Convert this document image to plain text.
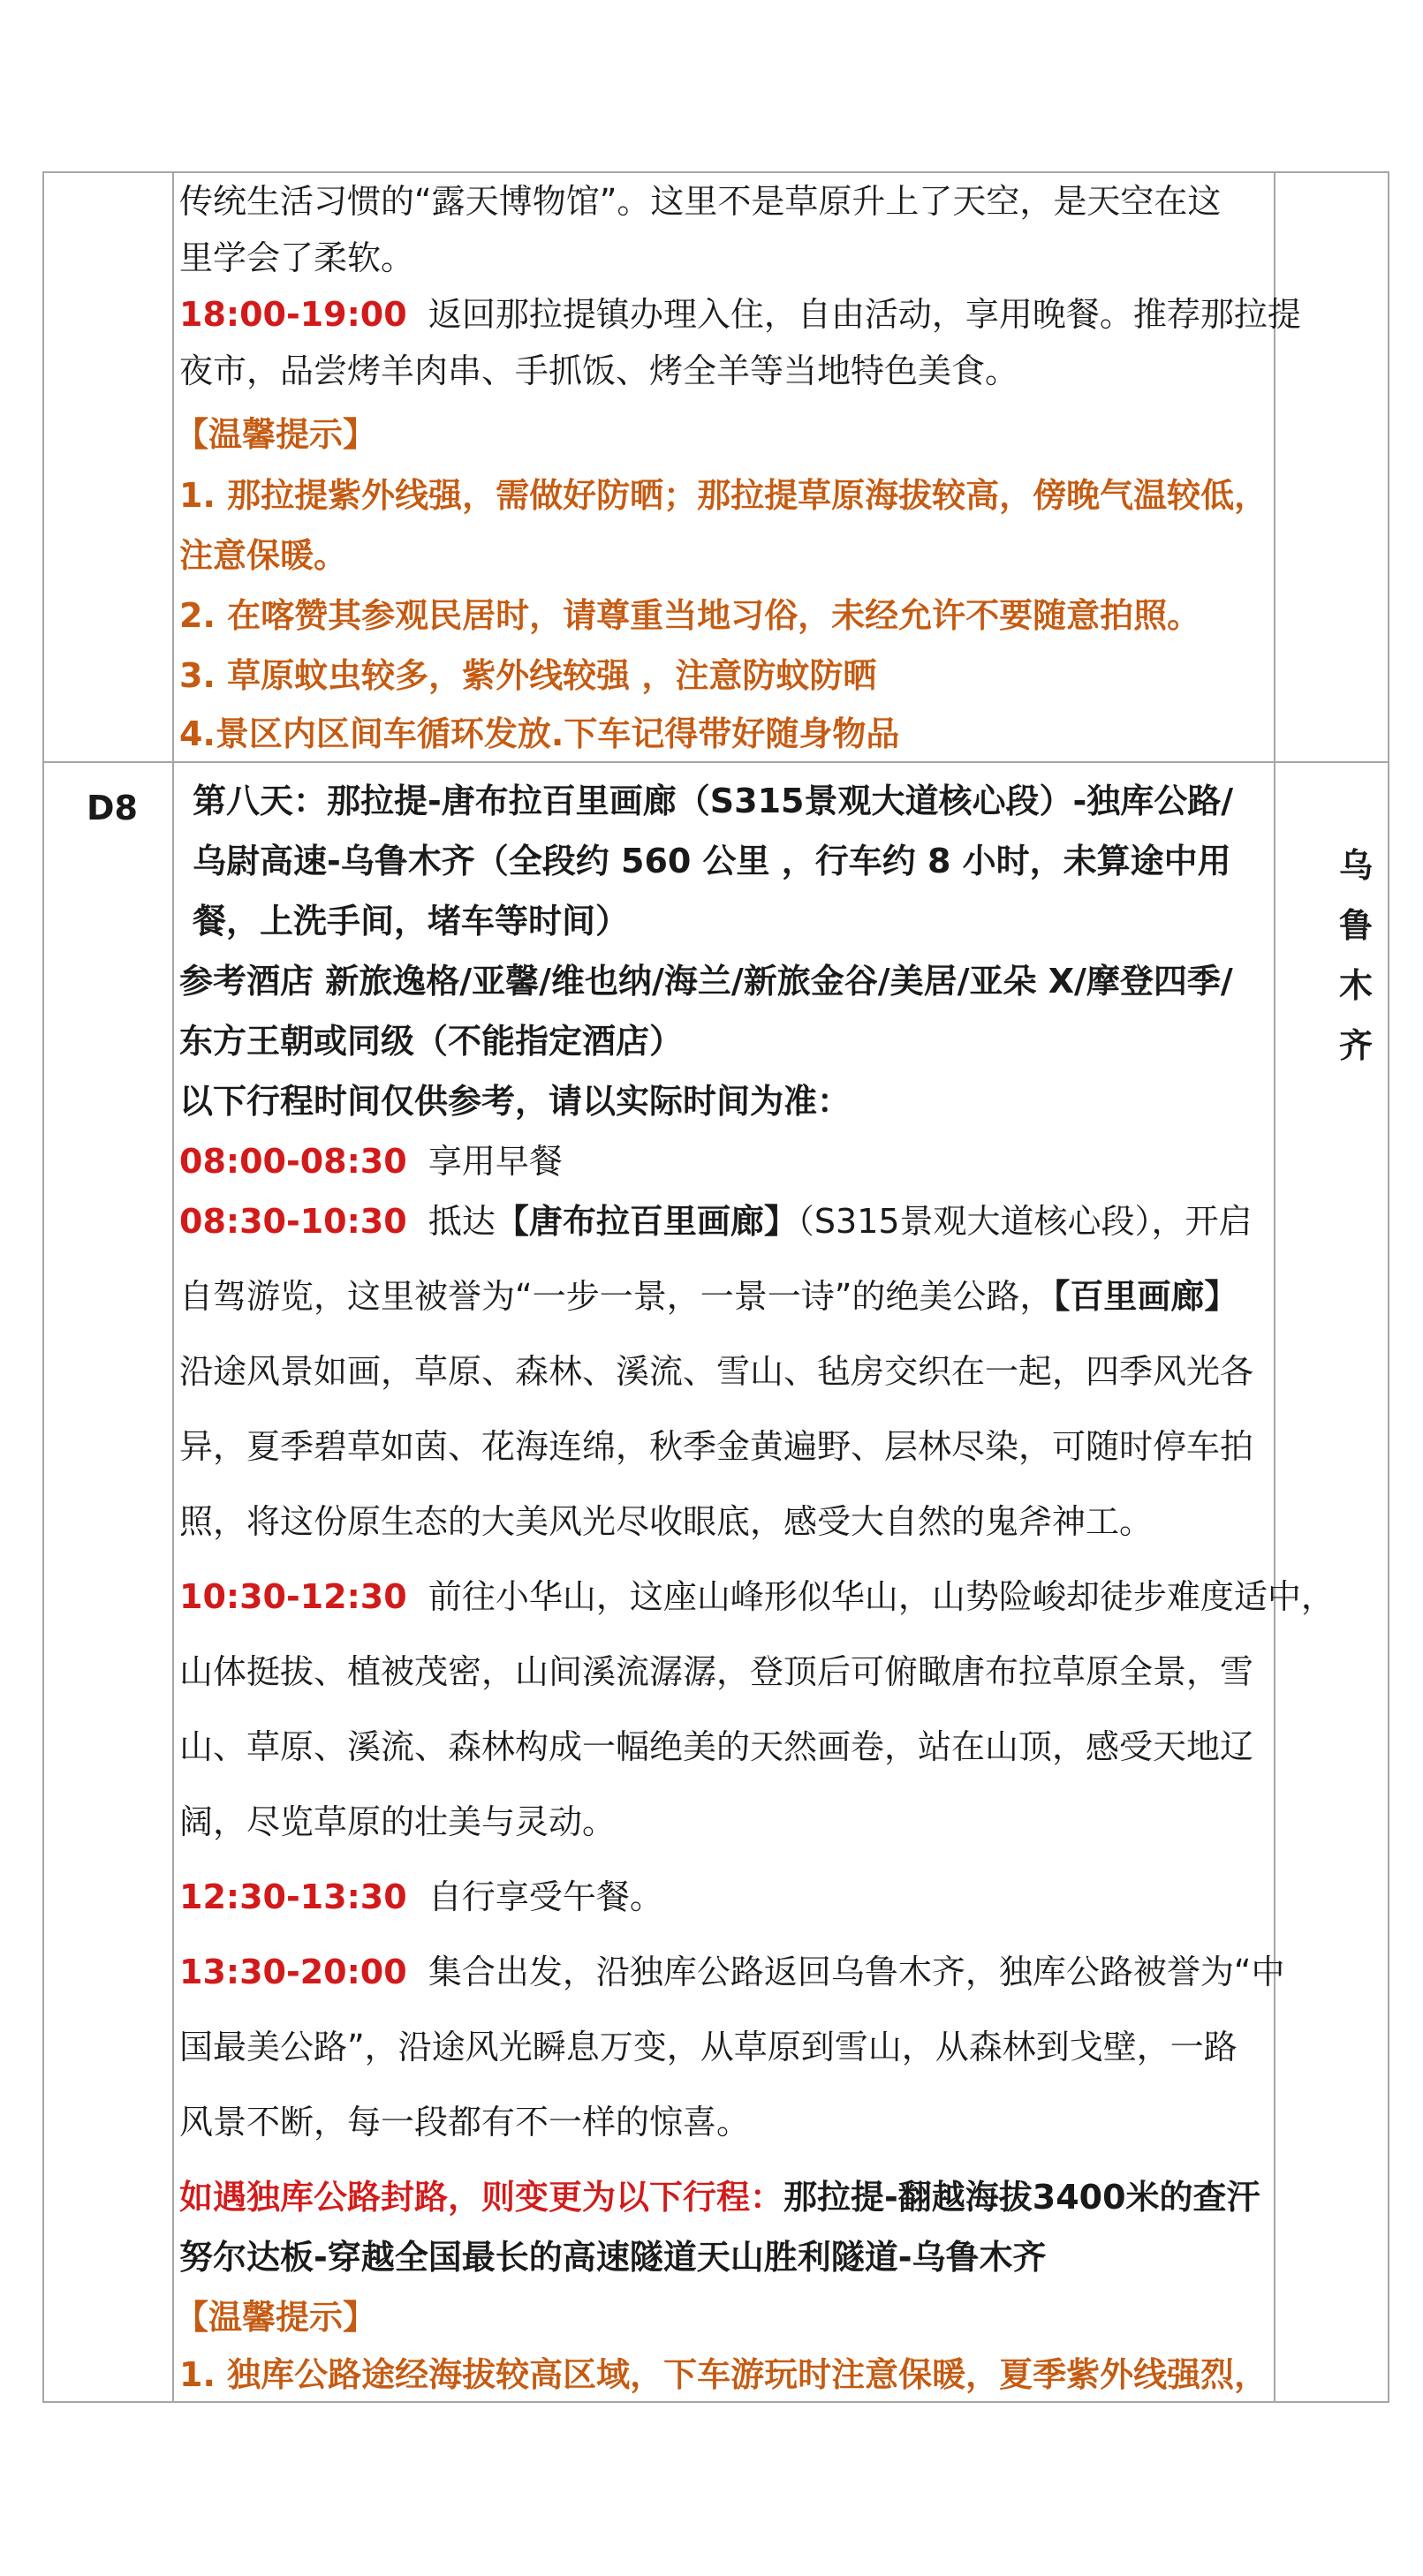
传统生活习惯的“露天博物馆”。这里不是草原升上了天空，是天空在这
里学会了柔软。
18:00-19:00 返回那拉提镇办理入住，自由活动，享用晚餐。推荐那拉提
夜市，品尝烤羊肉串、手抓饭、烤全羊等当地特色美食。
【温馨提示】
1. 那拉提紫外线强，需做好防晒；那拉提草原海拔较高，傍晚气温较低，
注意保暖。
2. 在喀赞其参观民居时，请尊重当地习俗，未经允许不要随意拍照。
3. 草原蚊虫较多，紫外线较强 ，注意防蚊防晒
4.景区内区间车循环发放.下车记得带好随身物品
D8
乌
鲁
木
齐
第八天：那拉提-唐布拉百里画廊（S315景观大道核心段）-独库公路/
乌尉高速-乌鲁木齐（全段约 560 公里 ，行车约 8 小时，未算途中用
餐，上洗手间，堵车等时间）
参考酒店 新旅逸格/亚馨/维也纳/海兰/新旅金谷/美居/亚朵 X/摩登四季/
东方王朝或同级（不能指定酒店）
以下行程时间仅供参考，请以实际时间为准：
08:00-08:30 享用早餐
08:30-10:30 抵达【唐布拉百里画廊】（S315景观大道核心段），开启
自驾游览，这里被誉为“一步一景，一景一诗”的绝美公路，【百里画廊】
沿途风景如画，草原、森林、溪流、雪山、毡房交织在一起，四季风光各
异，夏季碧草如茵、花海连绵，秋季金黄遍野、层林尽染，可随时停车拍
照，将这份原生态的大美风光尽收眼底，感受大自然的鬼斧神工。
10:30-12:30 前往小华山，这座山峰形似华山，山势险峻却徒步难度适中，
山体挺拔、植被茂密，山间溪流潺潺，登顶后可俯瞰唐布拉草原全景，雪
山、草原、溪流、森林构成一幅绝美的天然画卷，站在山顶，感受天地辽
阔，尽览草原的壮美与灵动。
12:30-13:30 自行享受午餐。
13:30-20:00 集合出发，沿独库公路返回乌鲁木齐，独库公路被誉为“中
国最美公路”，沿途风光瞬息万变，从草原到雪山，从森林到戈壁，一路
风景不断，每一段都有不一样的惊喜。
如遇独库公路封路，则变更为以下行程：那拉提-翻越海拔3400米的查汗
努尔达板-穿越全国最长的高速隧道天山胜利隧道-乌鲁木齐
【温馨提示】
1. 独库公路途经海拔较高区域，下车游玩时注意保暖，夏季紫外线强烈，
